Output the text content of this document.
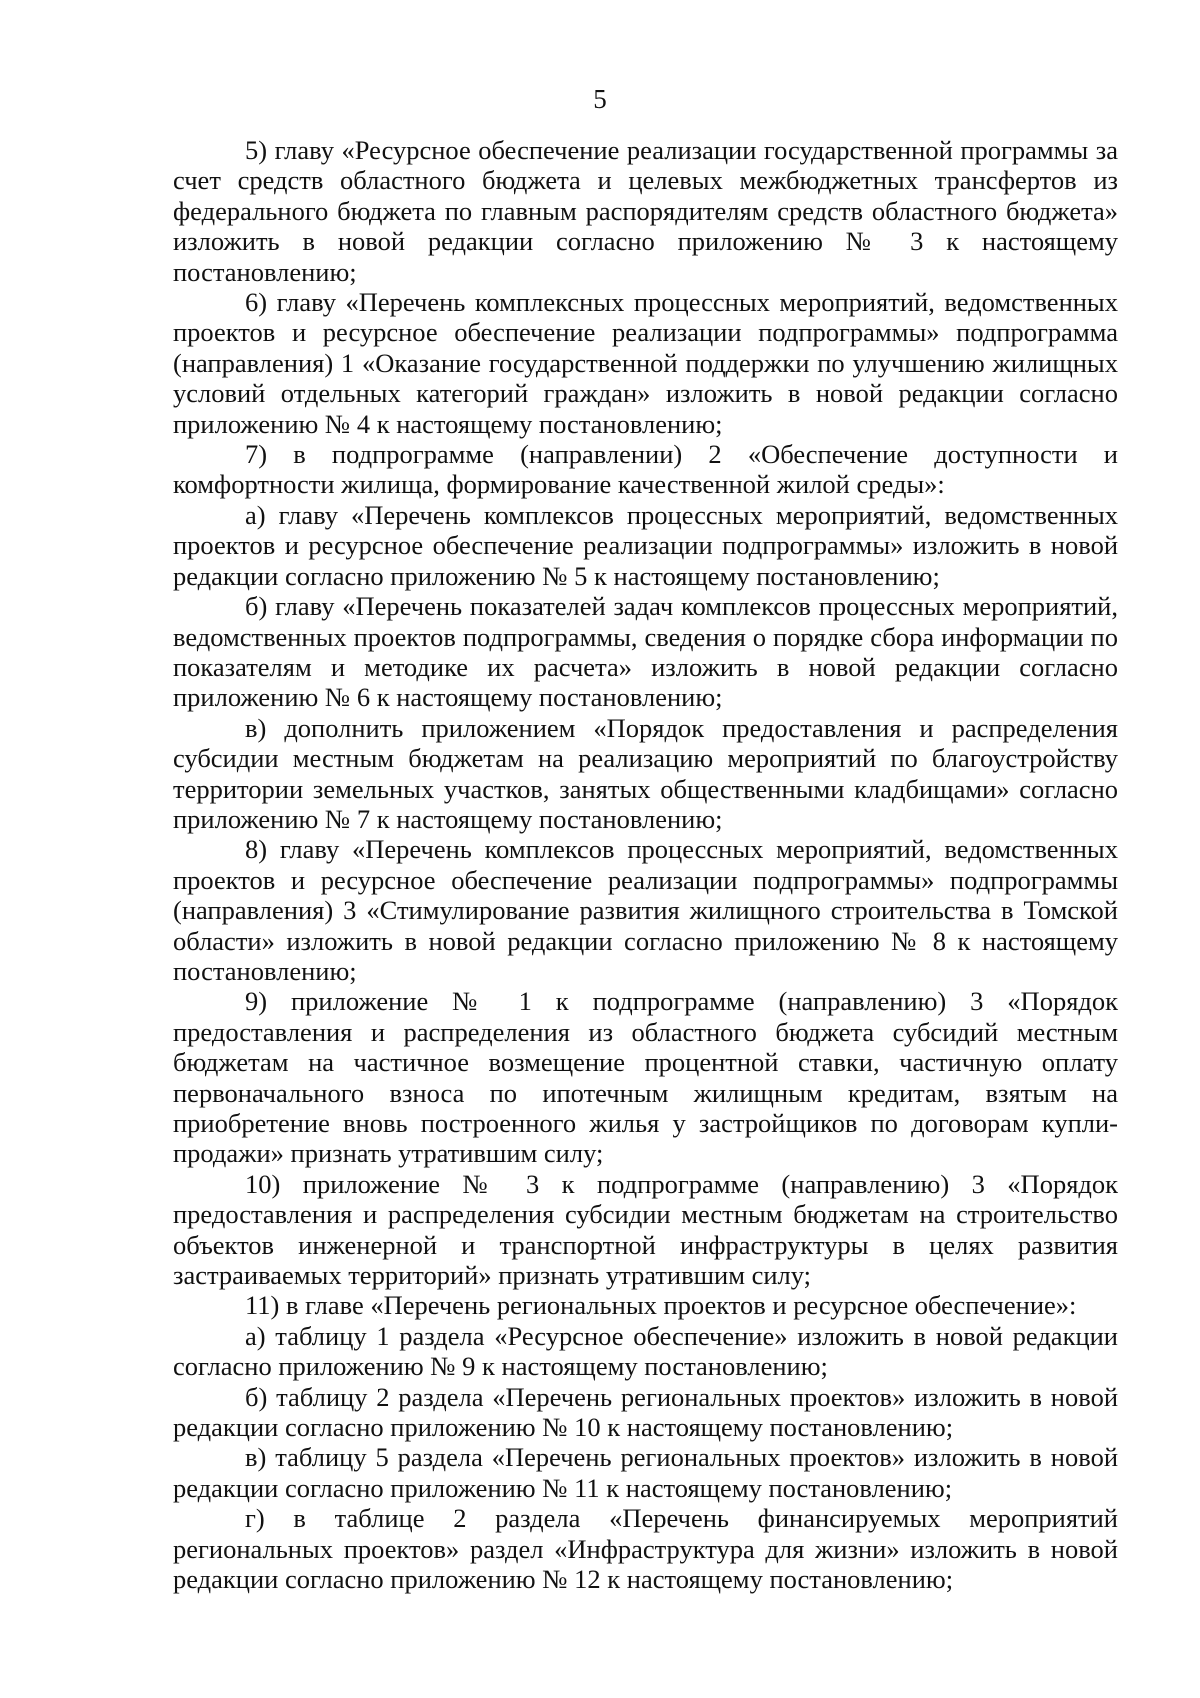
5

5) главу «Ресурсное обеспечение реализации государственной программы за счет средств областного бюджета и целевых межбюджетных трансфертов из федерального бюджета по главным распорядителям средств областного бюджета» изложить в новой редакции согласно приложению № 3 к настоящему постановлению;

6) главу «Перечень комплексных процессных мероприятий, ведомственных проектов и ресурсное обеспечение реализации подпрограммы» подпрограмма (направления) 1 «Оказание государственной поддержки по улучшению жилищных условий отдельных категорий граждан» изложить в новой редакции согласно приложению № 4 к настоящему постановлению;

7) в подпрограмме (направлении) 2 «Обеспечение доступности и комфортности жилища, формирование качественной жилой среды»:

а) главу «Перечень комплексов процессных мероприятий, ведомственных проектов и ресурсное обеспечение реализации подпрограммы» изложить в новой редакции согласно приложению № 5 к настоящему постановлению;

б) главу «Перечень показателей задач комплексов процессных мероприятий, ведомственных проектов подпрограммы, сведения о порядке сбора информации по показателям и методике их расчета» изложить в новой редакции согласно приложению № 6 к настоящему постановлению;

в) дополнить приложением «Порядок предоставления и распределения субсидии местным бюджетам на реализацию мероприятий по благоустройству территории земельных участков, занятых общественными кладбищами» согласно приложению № 7 к настоящему постановлению;

8) главу «Перечень комплексов процессных мероприятий, ведомственных проектов и ресурсное обеспечение реализации подпрограммы» подпрограммы (направления) 3 «Стимулирование развития жилищного строительства в Томской области» изложить в новой редакции согласно приложению № 8 к настоящему постановлению;

9) приложение № 1 к подпрограмме (направлению) 3 «Порядок предоставления и распределения из областного бюджета субсидий местным бюджетам на частичное возмещение процентной ставки, частичную оплату первоначального взноса по ипотечным жилищным кредитам, взятым на приобретение вновь построенного жилья у застройщиков по договорам купли-продажи» признать утратившим силу;

10) приложение № 3 к подпрограмме (направлению) 3 «Порядок предоставления и распределения субсидии местным бюджетам на строительство объектов инженерной и транспортной инфраструктуры в целях развития застраиваемых территорий» признать утратившим силу;

11) в главе «Перечень региональных проектов и ресурсное обеспечение»:

а) таблицу 1 раздела «Ресурсное обеспечение» изложить в новой редакции согласно приложению № 9 к настоящему постановлению;

б) таблицу 2 раздела «Перечень региональных проектов» изложить в новой редакции согласно приложению № 10 к настоящему постановлению;

в) таблицу 5 раздела «Перечень региональных проектов» изложить в новой редакции согласно приложению № 11 к настоящему постановлению;

г) в таблице 2 раздела «Перечень финансируемых мероприятий региональных проектов» раздел «Инфраструктура для жизни» изложить в новой редакции согласно приложению № 12 к настоящему постановлению;
